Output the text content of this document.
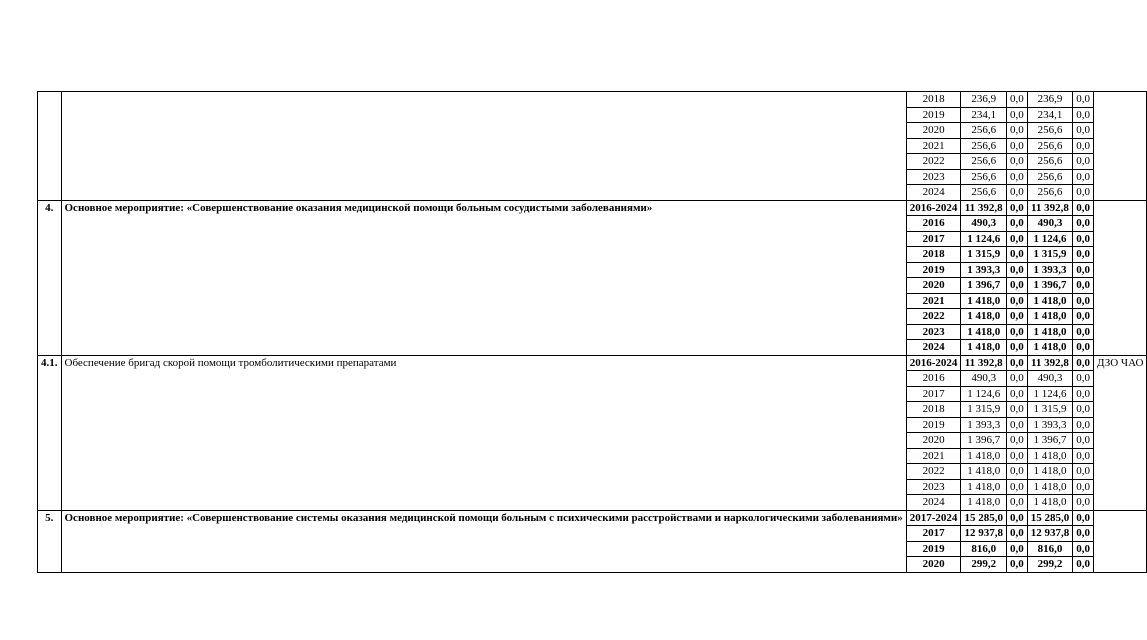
		2018	236,9	0,0	236,9	0,0	
		2019	234,1	0,0	234,1	0,0	
		2020	256,6	0,0	256,6	0,0	
		2021	256,6	0,0	256,6	0,0	
		2022	256,6	0,0	256,6	0,0	
		2023	256,6	0,0	256,6	0,0	
		2024	256,6	0,0	256,6	0,0	
4.	Основное мероприятие: «Совершенствование оказания медицинской помощи больным сосудистыми заболеваниями»	2016-2024	11 392,8	0,0	11 392,8	0,0	
		2016	490,3	0,0	490,3	0,0	
		2017	1 124,6	0,0	1 124,6	0,0	
		2018	1 315,9	0,0	1 315,9	0,0	
		2019	1 393,3	0,0	1 393,3	0,0	
		2020	1 396,7	0,0	1 396,7	0,0	
		2021	1 418,0	0,0	1 418,0	0,0	
		2022	1 418,0	0,0	1 418,0	0,0	
		2023	1 418,0	0,0	1 418,0	0,0	
		2024	1 418,0	0,0	1 418,0	0,0	
4.1.	Обеспечение бригад скорой помощи тромболитическими препаратами	2016-2024	11 392,8	0,0	11 392,8	0,0	ДЗО ЧАО
		2016	490,3	0,0	490,3	0,0	
		2017	1 124,6	0,0	1 124,6	0,0	
		2018	1 315,9	0,0	1 315,9	0,0	
		2019	1 393,3	0,0	1 393,3	0,0	
		2020	1 396,7	0,0	1 396,7	0,0	
		2021	1 418,0	0,0	1 418,0	0,0	
		2022	1 418,0	0,0	1 418,0	0,0	
		2023	1 418,0	0,0	1 418,0	0,0	
		2024	1 418,0	0,0	1 418,0	0,0	
5.	Основное мероприятие: «Совершенствование системы оказания медицинской помощи больным с психическими расстройствами и наркологическими заболеваниями»	2017-2024	15 285,0	0,0	15 285,0	0,0	
		2017	12 937,8	0,0	12 937,8	0,0	
		2019	816,0	0,0	816,0	0,0	
		2020	299,2	0,0	299,2	0,0	
